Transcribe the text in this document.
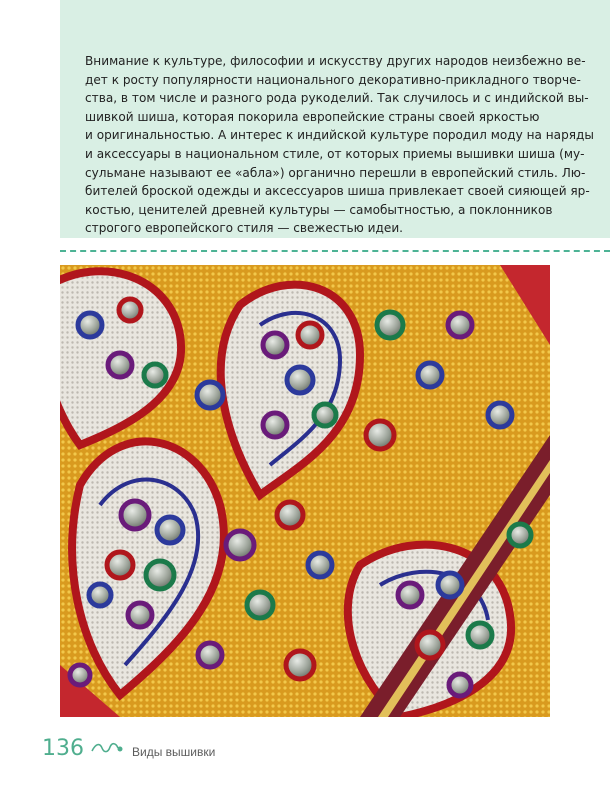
Внимание к культуре, философии и искусству других народов неизбежно ве-
дет к росту популярности национального декоративно-прикладного творче-
ства, в том числе и разного рода рукоделий. Так случилось и с индийской вы-
шивкой шиша, которая покорила европейские страны своей яркостью
и оригинальностью. А интерес к индийской культуре породил моду на наряды
и аксессуары в национальном стиле, от которых приемы вышивки шиша (му-
сульмане называют ее «абла») органично перешли в европейский стиль. Лю-
бителей броской одежды и аксессуаров шиша привлекает своей сияющей яр-
костью, ценителей древней культуры — самобытностью, а поклонников
строгого европейского стиля — свежестью идеи.

136	Виды вышивки
